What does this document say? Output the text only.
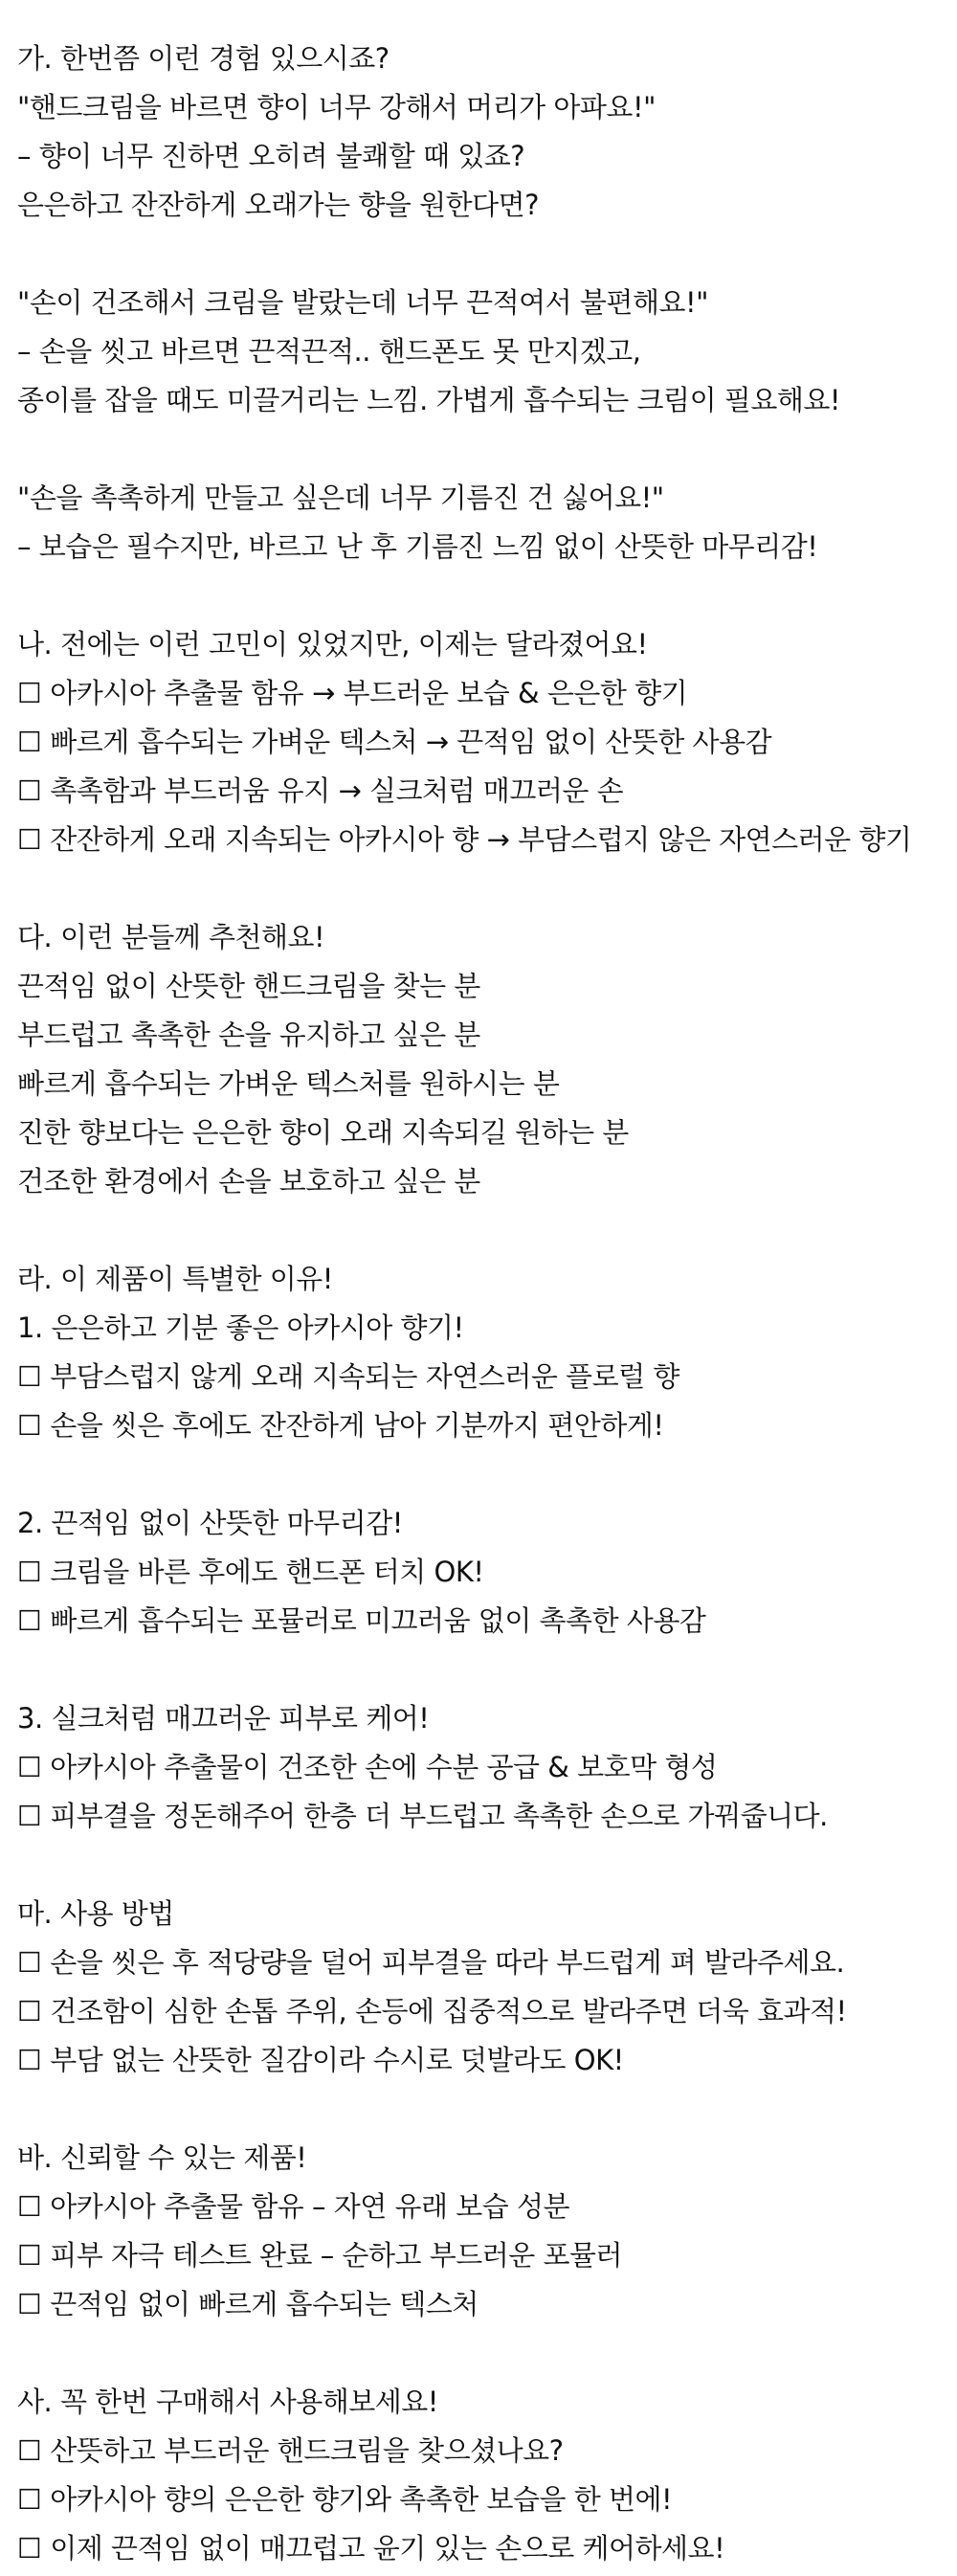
가. 한번쯤 이런 경험 있으시죠?
"핸드크림을 바르면 향이 너무 강해서 머리가 아파요!"
– 향이 너무 진하면 오히려 불쾌할 때 있죠?
은은하고 잔잔하게 오래가는 향을 원한다면?
"손이 건조해서 크림을 발랐는데 너무 끈적여서 불편해요!"
– 손을 씻고 바르면 끈적끈적.. 핸드폰도 못 만지겠고,
종이를 잡을 때도 미끌거리는 느낌. 가볍게 흡수되는 크림이 필요해요!
"손을 촉촉하게 만들고 싶은데 너무 기름진 건 싫어요!"
– 보습은 필수지만, 바르고 난 후 기름진 느낌 없이 산뜻한 마무리감!
나. 전에는 이런 고민이 있었지만, 이제는 달라졌어요!
☐ 아카시아 추출물 함유 → 부드러운 보습 & 은은한 향기
☐ 빠르게 흡수되는 가벼운 텍스처 → 끈적임 없이 산뜻한 사용감
☐ 촉촉함과 부드러움 유지 → 실크처럼 매끄러운 손
☐ 잔잔하게 오래 지속되는 아카시아 향 → 부담스럽지 않은 자연스러운 향기
다. 이런 분들께 추천해요!
끈적임 없이 산뜻한 핸드크림을 찾는 분
부드럽고 촉촉한 손을 유지하고 싶은 분
빠르게 흡수되는 가벼운 텍스처를 원하시는 분
진한 향보다는 은은한 향이 오래 지속되길 원하는 분
건조한 환경에서 손을 보호하고 싶은 분
라. 이 제품이 특별한 이유!
1. 은은하고 기분 좋은 아카시아 향기!
☐ 부담스럽지 않게 오래 지속되는 자연스러운 플로럴 향
☐ 손을 씻은 후에도 잔잔하게 남아 기분까지 편안하게!
2. 끈적임 없이 산뜻한 마무리감!
☐ 크림을 바른 후에도 핸드폰 터치 OK!
☐ 빠르게 흡수되는 포뮬러로 미끄러움 없이 촉촉한 사용감
3. 실크처럼 매끄러운 피부로 케어!
☐ 아카시아 추출물이 건조한 손에 수분 공급 & 보호막 형성
☐ 피부결을 정돈해주어 한층 더 부드럽고 촉촉한 손으로 가꿔줍니다.
마. 사용 방법
☐ 손을 씻은 후 적당량을 덜어 피부결을 따라 부드럽게 펴 발라주세요.
☐ 건조함이 심한 손톱 주위, 손등에 집중적으로 발라주면 더욱 효과적!
☐ 부담 없는 산뜻한 질감이라 수시로 덧발라도 OK!
바. 신뢰할 수 있는 제품!
☐ 아카시아 추출물 함유 – 자연 유래 보습 성분
☐ 피부 자극 테스트 완료 – 순하고 부드러운 포뮬러
☐ 끈적임 없이 빠르게 흡수되는 텍스처
사. 꼭 한번 구매해서 사용해보세요!
☐ 산뜻하고 부드러운 핸드크림을 찾으셨나요?
☐ 아카시아 향의 은은한 향기와 촉촉한 보습을 한 번에!
☐ 이제 끈적임 없이 매끄럽고 윤기 있는 손으로 케어하세요!
